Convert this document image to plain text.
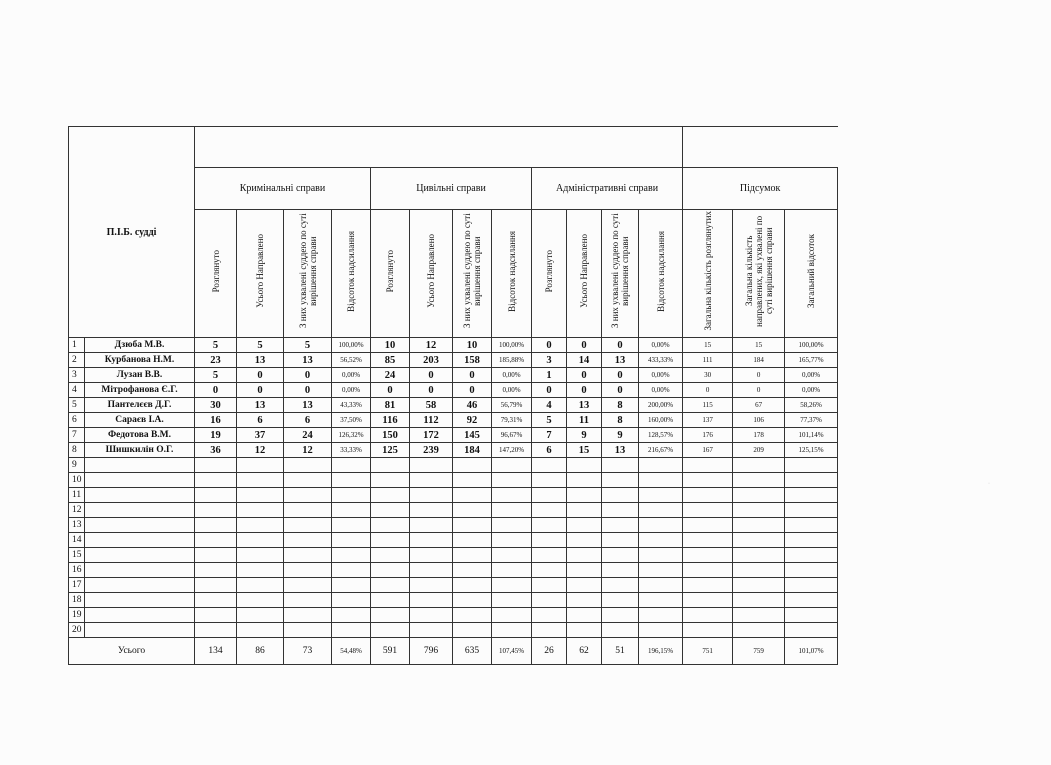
П.І.Б. судді																
		Кримінальні справи				Цивільні справи				Адміністративні справи				Підсумок		
		Розглянуто	Усього Направлено	З них ухвалені суддею по суті вирішення справи	Відсоток надсилання	Розглянуто	Усього Направлено	З них ухвалені суддею по суті вирішення справи	Відсоток надсилання	Розглянуто	Усього Направлено	З них ухвалені суддею по суті вирішення справи	Відсоток надсилання	Загальна кількість розглянутих	Загальна кількість направлених, які ухвалені по суті вирішення справи	Загальний відсоток
1	Дзюба М.В.	5	5	5	100,00%	10	12	10	100,00%	0	0	0	0,00%	15	15	100,00%
2	Курбанова Н.М.	23	13	13	56,52%	85	203	158	185,88%	3	14	13	433,33%	111	184	165,77%
3	Лузан В.В.	5	0	0	0,00%	24	0	0	0,00%	1	0	0	0,00%	30	0	0,00%
4	Мітрофанова Є.Г.	0	0	0	0,00%	0	0	0	0,00%	0	0	0	0,00%	0	0	0,00%
5	Пантелєєв Д.Г.	30	13	13	43,33%	81	58	46	56,79%	4	13	8	200,00%	115	67	58,26%
6	Сараєв І.А.	16	6	6	37,50%	116	112	92	79,31%	5	11	8	160,00%	137	106	77,37%
7	Федотова В.М.	19	37	24	126,32%	150	172	145	96,67%	7	9	9	128,57%	176	178	101,14%
8	Шишкилін О.Г.	36	12	12	33,33%	125	239	184	147,20%	6	15	13	216,67%	167	209	125,15%
9																
10																
11																
12																
13																
14																
15																
16																
17																
18																
19																
20																
Усього		134	86	73	54,48%	591	796	635	107,45%	26	62	51	196,15%	751	759	101,07%
·
